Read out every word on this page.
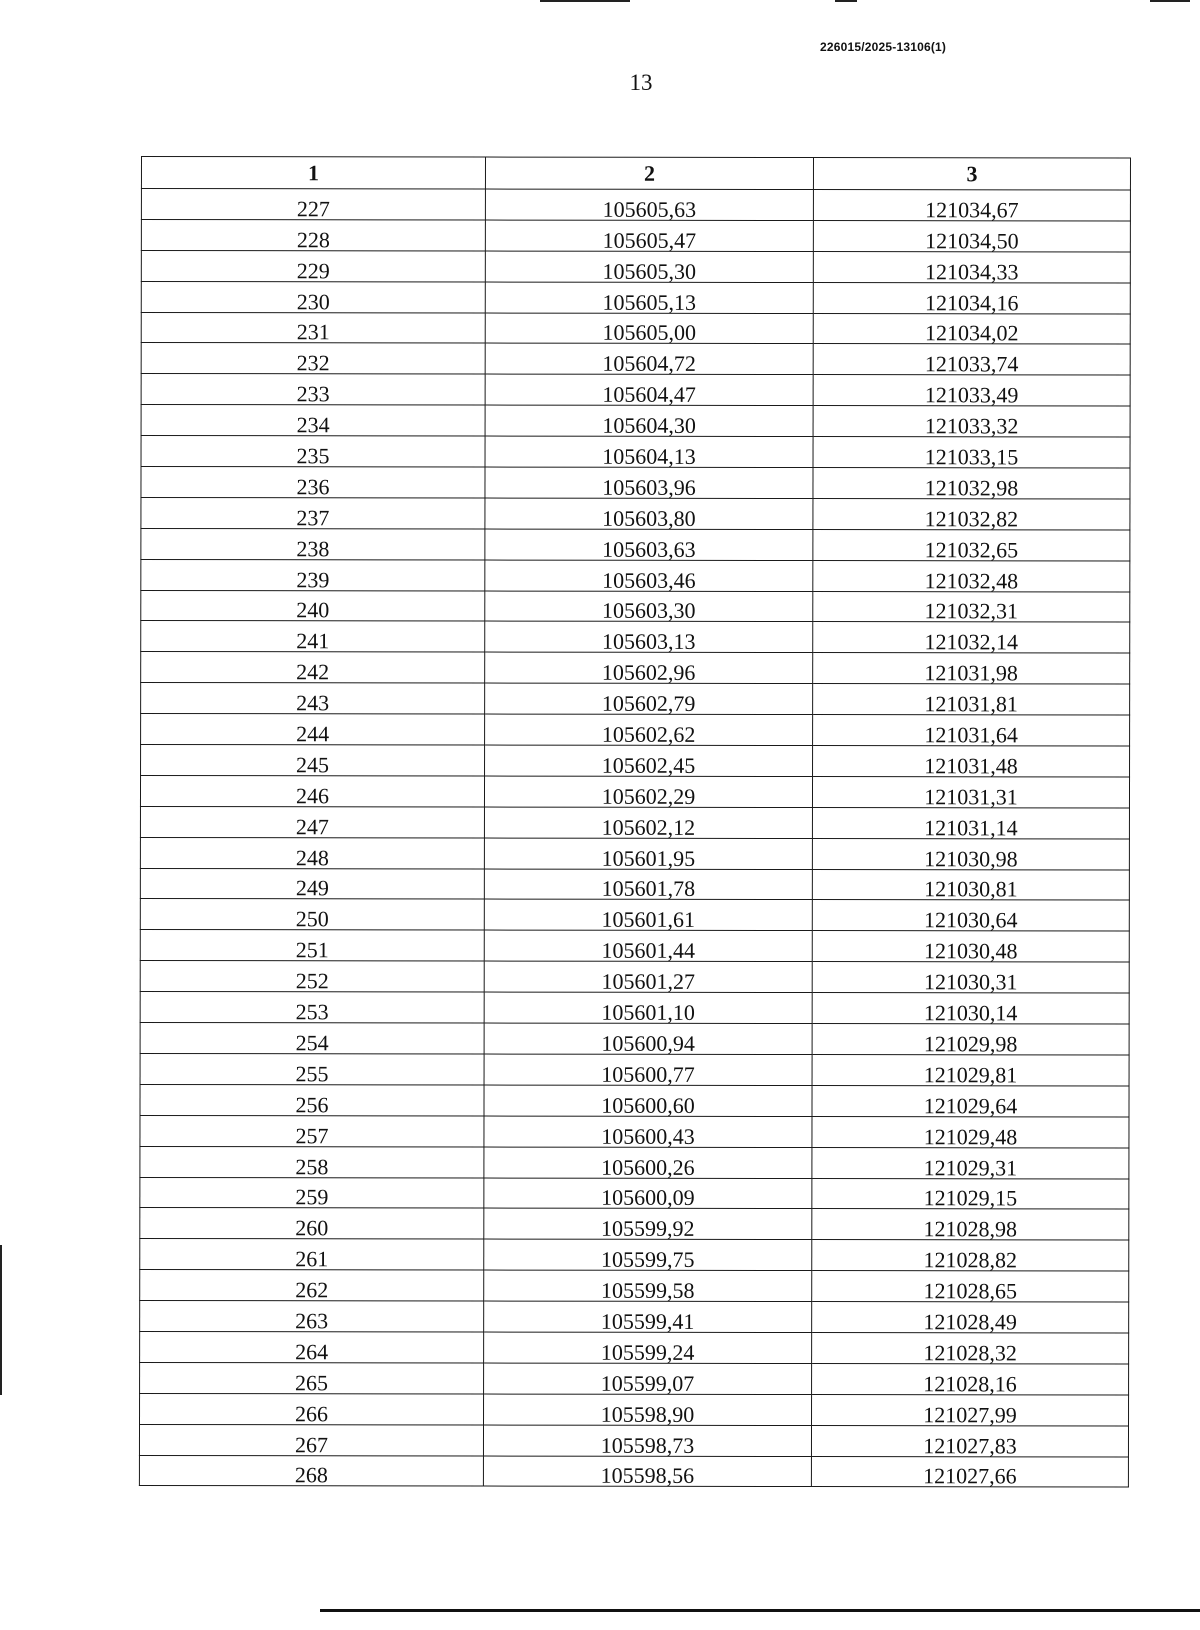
226015/2025-13106(1)
13
1	2	3
227	105605,63	121034,67
228	105605,47	121034,50
229	105605,30	121034,33
230	105605,13	121034,16
231	105605,00	121034,02
232	105604,72	121033,74
233	105604,47	121033,49
234	105604,30	121033,32
235	105604,13	121033,15
236	105603,96	121032,98
237	105603,80	121032,82
238	105603,63	121032,65
239	105603,46	121032,48
240	105603,30	121032,31
241	105603,13	121032,14
242	105602,96	121031,98
243	105602,79	121031,81
244	105602,62	121031,64
245	105602,45	121031,48
246	105602,29	121031,31
247	105602,12	121031,14
248	105601,95	121030,98
249	105601,78	121030,81
250	105601,61	121030,64
251	105601,44	121030,48
252	105601,27	121030,31
253	105601,10	121030,14
254	105600,94	121029,98
255	105600,77	121029,81
256	105600,60	121029,64
257	105600,43	121029,48
258	105600,26	121029,31
259	105600,09	121029,15
260	105599,92	121028,98
261	105599,75	121028,82
262	105599,58	121028,65
263	105599,41	121028,49
264	105599,24	121028,32
265	105599,07	121028,16
266	105598,90	121027,99
267	105598,73	121027,83
268	105598,56	121027,66
